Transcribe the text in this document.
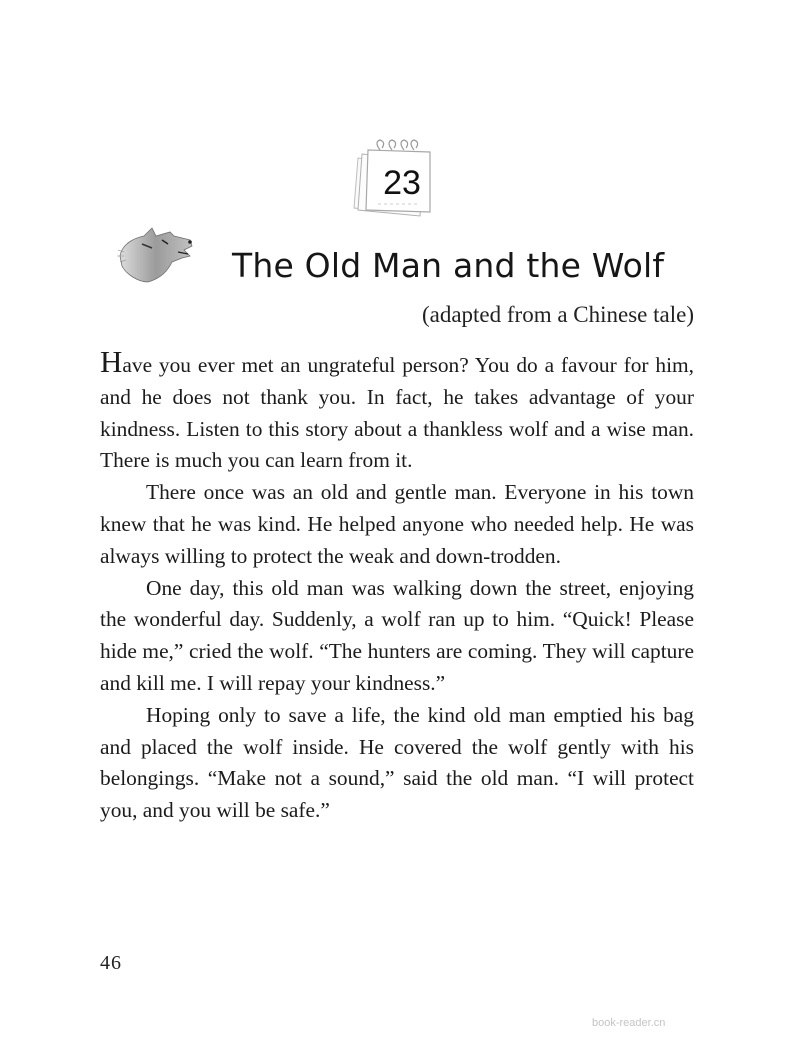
23
The Old Man and the Wolf
(adapted from a Chinese tale)

Have you ever met an ungrateful person? You do a favour for him, and he does not thank you. In fact, he takes advantage of your kindness. Listen to this story about a thankless wolf and a wise man. There is much you can learn from it.

There once was an old and gentle man. Everyone in his town knew that he was kind. He helped anyone who needed help. He was always willing to protect the weak and down-trodden.

One day, this old man was walking down the street, enjoying the wonderful day. Suddenly, a wolf ran up to him. “Quick! Please hide me,” cried the wolf. “The hunters are coming. They will capture and kill me. I will repay your kindness.”

Hoping only to save a life, the kind old man emptied his bag and placed the wolf inside. He covered the wolf gently with his belongings. “Make not a sound,” said the old man. “I will protect you, and you will be safe.”

46
book-reader.cn
